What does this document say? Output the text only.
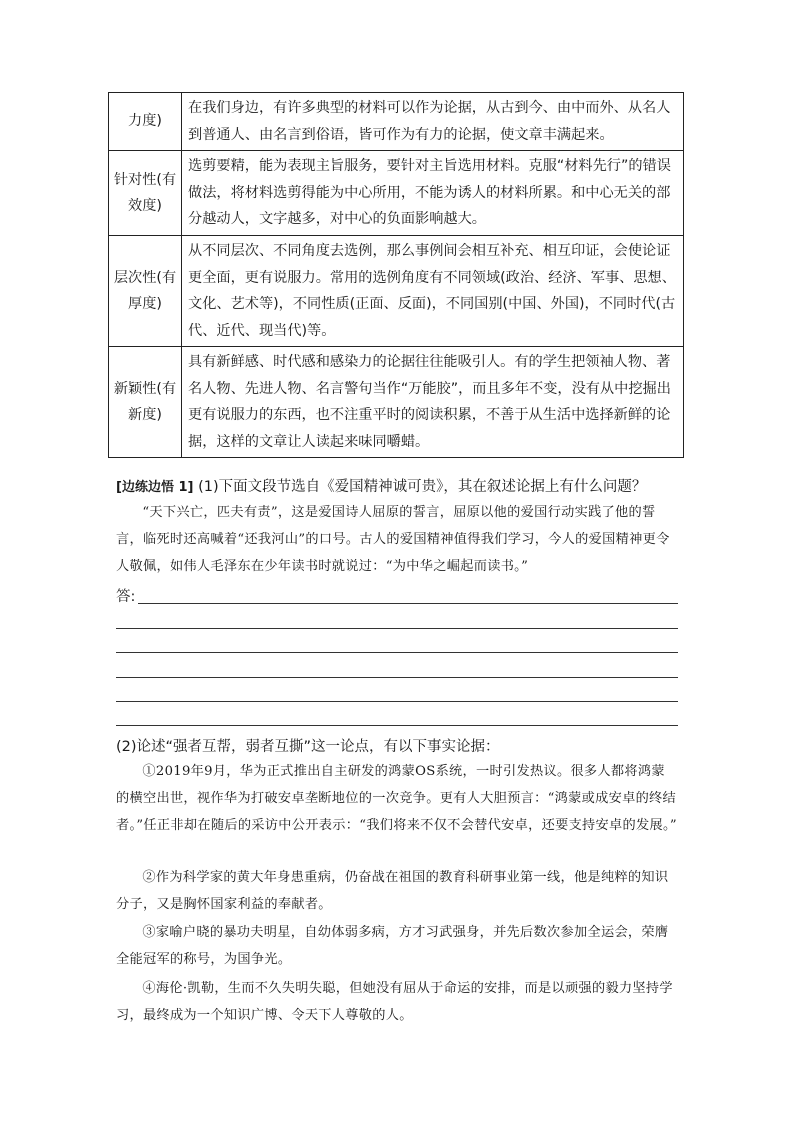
力度)	在我们身边，有许多典型的材料可以作为论据，从古到今、由中而外、从名人到普通人、由名言到俗语，皆可作为有力的论据，使文章丰满起来。
针对性(有效度)	选剪要精，能为表现主旨服务，要针对主旨选用材料。克服“材料先行”的错误做法，将材料选剪得能为中心所用，不能为诱人的材料所累。和中心无关的部分越动人，文字越多，对中心的负面影响越大。
层次性(有厚度)	从不同层次、不同角度去选例，那么事例间会相互补充、相互印证，会使论证更全面，更有说服力。常用的选例角度有不同领域(政治、经济、军事、思想、文化、艺术等)，不同性质(正面、反面)，不同国别(中国、外国)，不同时代(古代、近代、现当代)等。
新颖性(有新度)	具有新鲜感、时代感和感染力的论据往往能吸引人。有的学生把领袖人物、著名人物、先进人物、名言警句当作“万能胶”，而且多年不变，没有从中挖掘出更有说服力的东西，也不注重平时的阅读积累，不善于从生活中选择新鲜的论据，这样的文章让人读起来味同嚼蜡。
[边练边悟 1] (1)下面文段节选自《爱国精神诚可贵》，其在叙述论据上有什么问题？
“天下兴亡，匹夫有责”，这是爱国诗人屈原的誓言，屈原以他的爱国行动实践了他的誓言，临死时还高喊着“还我河山”的口号。古人的爱国精神值得我们学习，今人的爱国精神更令人敬佩，如伟人毛泽东在少年读书时就说过：“为中华之崛起而读书。”
答:
(2)论述“强者互帮，弱者互撕”这一论点，有以下事实论据：
①2019年9月，华为正式推出自主研发的鸿蒙OS系统，一时引发热议。很多人都将鸿蒙的横空出世，视作华为打破安卓垄断地位的一次竞争。更有人大胆预言：“鸿蒙或成安卓的终结者。”任正非却在随后的采访中公开表示：“我们将来不仅不会替代安卓，还要支持安卓的发展。”
②作为科学家的黄大年身患重病，仍奋战在祖国的教育科研事业第一线，他是纯粹的知识分子，又是胸怀国家利益的奉献者。
③家喻户晓的暴功夫明星，自幼体弱多病，方才习武强身，并先后数次参加全运会，荣膺全能冠军的称号，为国争光。
④海伦·凯勒，生而不久失明失聪，但她没有屈从于命运的安排，而是以顽强的毅力坚持学习，最终成为一个知识广博、令天下人尊敬的人。
